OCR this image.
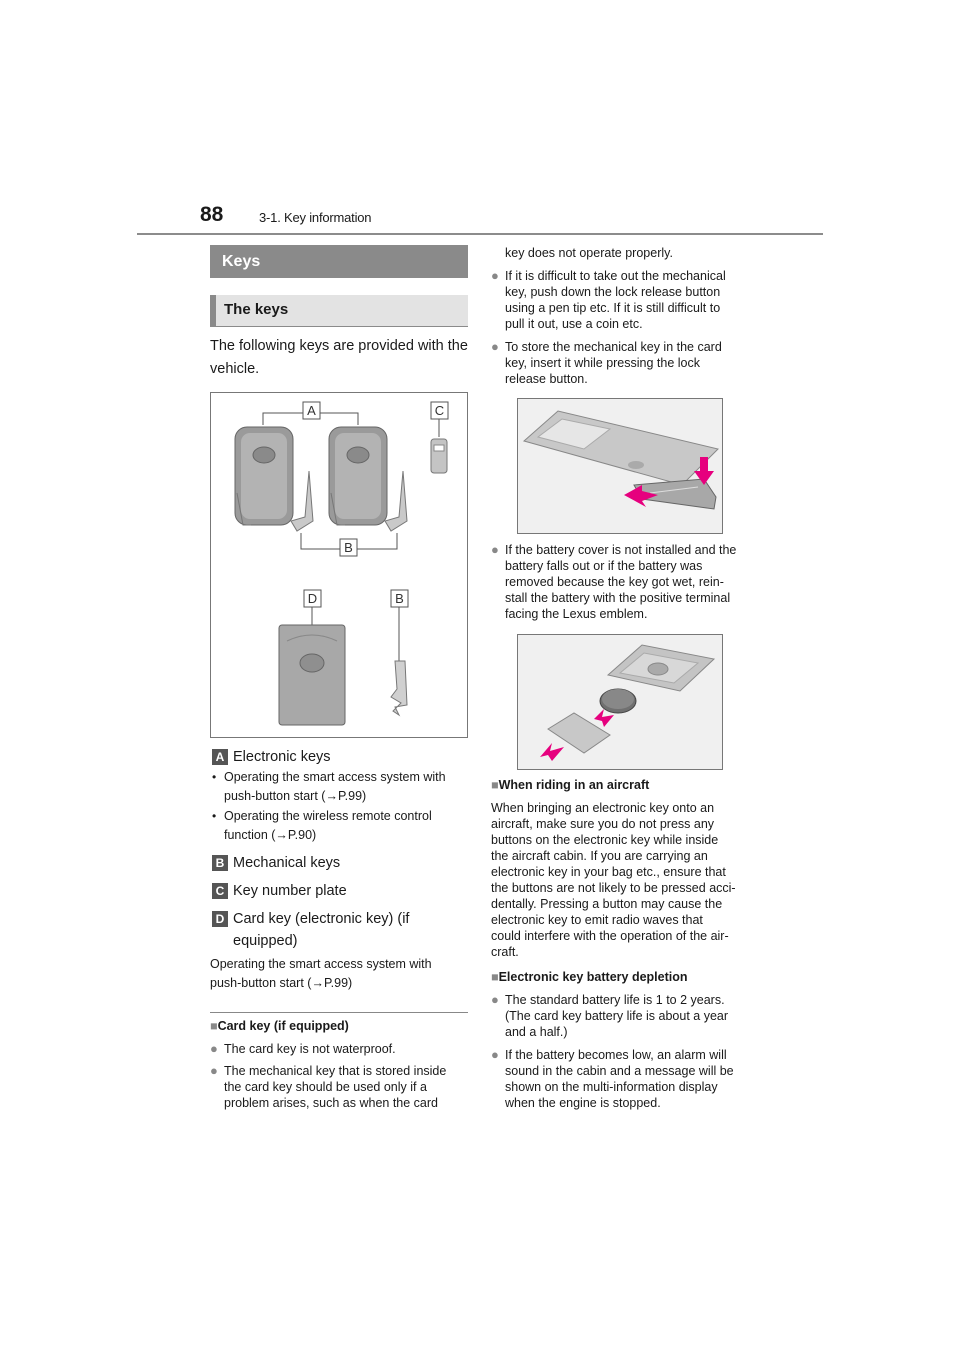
88	3-1. Key information
Keys
The keys
The following keys are provided with the vehicle.
A	C
B
D	B
A Electronic keys
• Operating the smart access system with
push-button start (→P.99)
• Operating the wireless remote control
function (→P.90)
B Mechanical keys
C Key number plate
D Card key (electronic key) (if
equipped)
Operating the smart access system with
push-button start (→P.99)
■Card key (if equipped)
● The card key is not waterproof.
● The mechanical key that is stored inside
the card key should be used only if a
problem arises, such as when the card
key does not operate properly.
● If it is difficult to take out the mechanical
key, push down the lock release button
using a pen tip etc. If it is still difficult to
pull it out, use a coin etc.
● To store the mechanical key in the card
key, insert it while pressing the lock
release button.
● If the battery cover is not installed and the
battery falls out or if the battery was
removed because the key got wet, rein-
stall the battery with the positive terminal
facing the Lexus emblem.
■When riding in an aircraft
When bringing an electronic key onto an
aircraft, make sure you do not press any
buttons on the electronic key while inside
the aircraft cabin. If you are carrying an
electronic key in your bag etc., ensure that
the buttons are not likely to be pressed acci-
dentally. Pressing a button may cause the
electronic key to emit radio waves that
could interfere with the operation of the air-
craft.
■Electronic key battery depletion
● The standard battery life is 1 to 2 years.
(The card key battery life is about a year
and a half.)
● If the battery becomes low, an alarm will
sound in the cabin and a message will be
shown on the multi-information display
when the engine is stopped.
